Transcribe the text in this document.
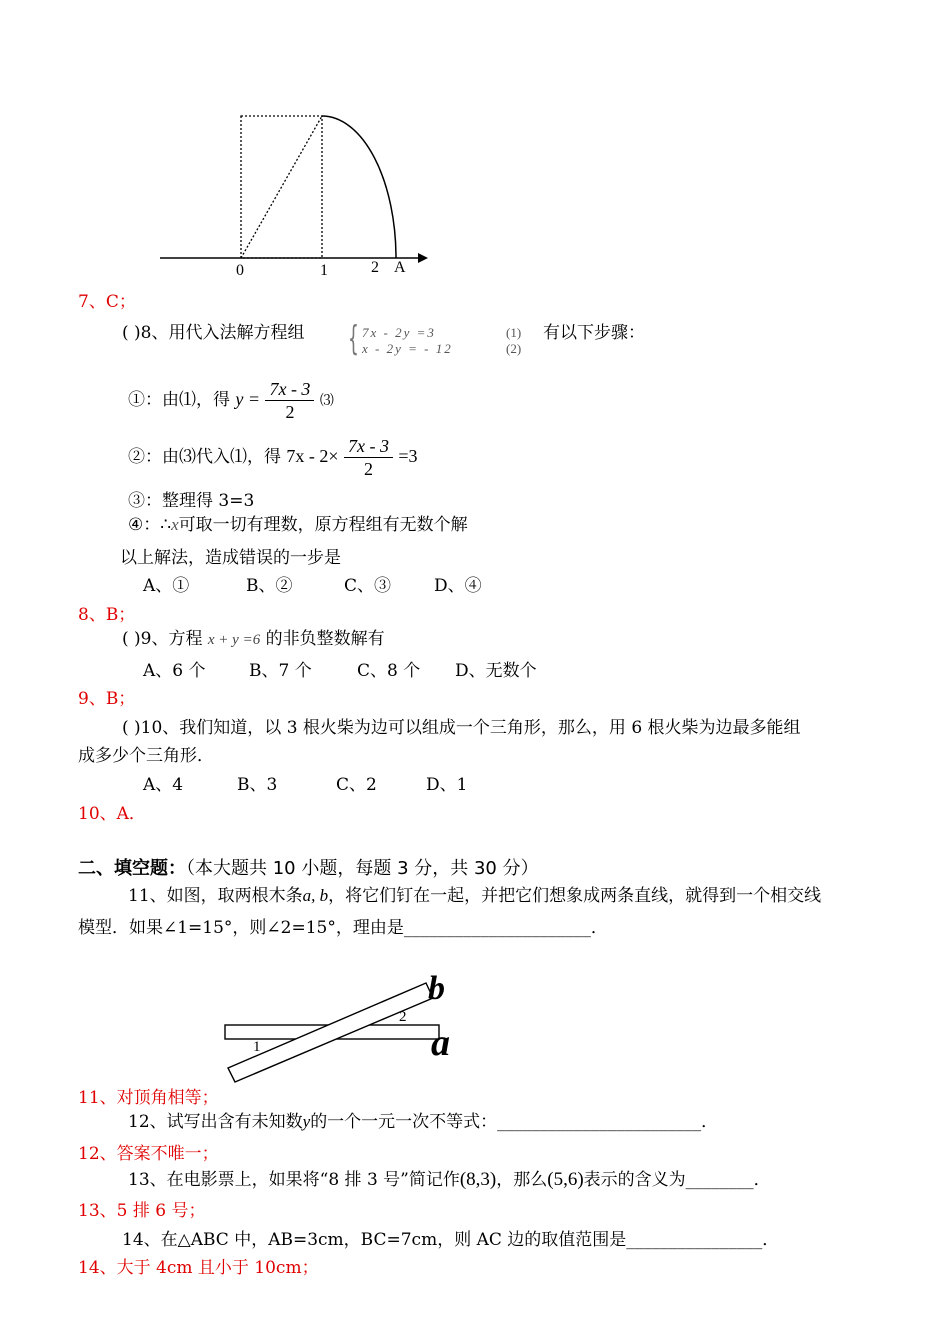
0	1	2 A
7、C；
( )8、用代入法解方程组 { 7x - 2y =3	(1)
x - 2y = - 12	(2)
有以下步骤：
①：由⑴，得 $y = \frac{7x - 3}{2}$ ⑶
②：由⑶代入⑴，得 $7x - 2\times \frac{7x - 3}{2} =3$
③：整理得 3=3
④：∴x可取一切有理数，原方程组有无数个解
以上解法，造成错误的一步是
A、①	B、②	C、③	D、④
8、B；
( )9、方程 x + y =6 的非负整数解有
A、6 个	B、7 个	C、8 个 D、无数个
9、B；
( )10、我们知道，以 3 根火柴为边可以组成一个三角形，那么，用 6 根火柴为边最多能组
成多少个三角形．
A、4	B、3	C、2	D、1
10、A．
二、填空题：（本大题共 10 小题，每题 3 分，共 30 分）
11、如图，取两根木条a, b，将它们钉在一起，并把它们想象成两条直线，就得到一个相交线
模型．如果∠1=15°，则∠2=15°，理由是______________________．
b
a
1
2
11、对顶角相等；
12、试写出含有未知数y的一个一元一次不等式：________________________．
12、答案不唯一；
13、在电影票上，如果将“8 排 3 号”简记作(8,3)，那么(5,6)表示的含义为________．
13、5 排 6 号；
14、在△ABC 中，AB=3cm，BC=7cm，则 AC 边的取值范围是________________．
14、大于 4cm 且小于 10cm；
